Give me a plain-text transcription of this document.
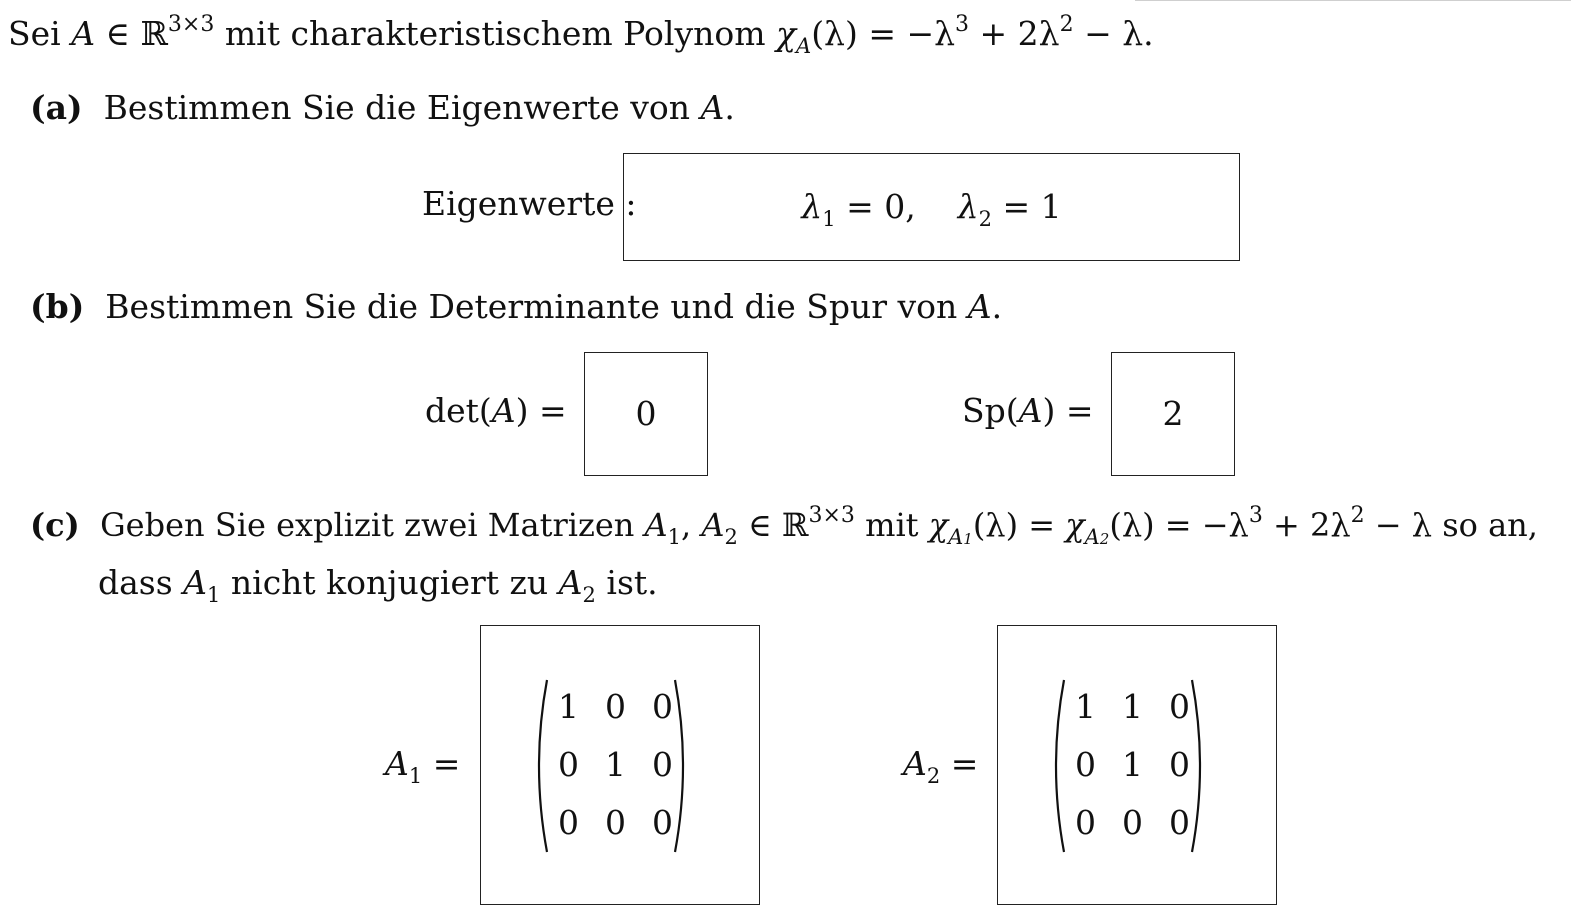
Sei A ∈ ℝ$^{3\times 3}$ mit charakteristischem Polynom $\chi_A(\lambda) = -\lambda^3 + 2\lambda^2 - \lambda$.
(a) Bestimmen Sie die Eigenwerte von A.
Eigenwerte :	$\lambda_1 = 0$, $\lambda_2 = 1$
(b) Bestimmen Sie die Determinante und die Spur von A.
det(A) = 0	Sp(A) = 2
(c) Geben Sie explizit zwei Matrizen $A_1$, $A_2$ ∈ ℝ$^{3\times 3}$ mit $\chi_{A1}(\lambda) = \chi_{A2}(\lambda) = -\lambda^3 + 2\lambda^2 - \lambda$ so an,
dass $A_1$ nicht konjugiert zu $A_2$ ist.
$A_1$ =
1 0 0
0 1 0
0 0 0
$A_2$ =
1 1 0
0 1 0
0 0 0
